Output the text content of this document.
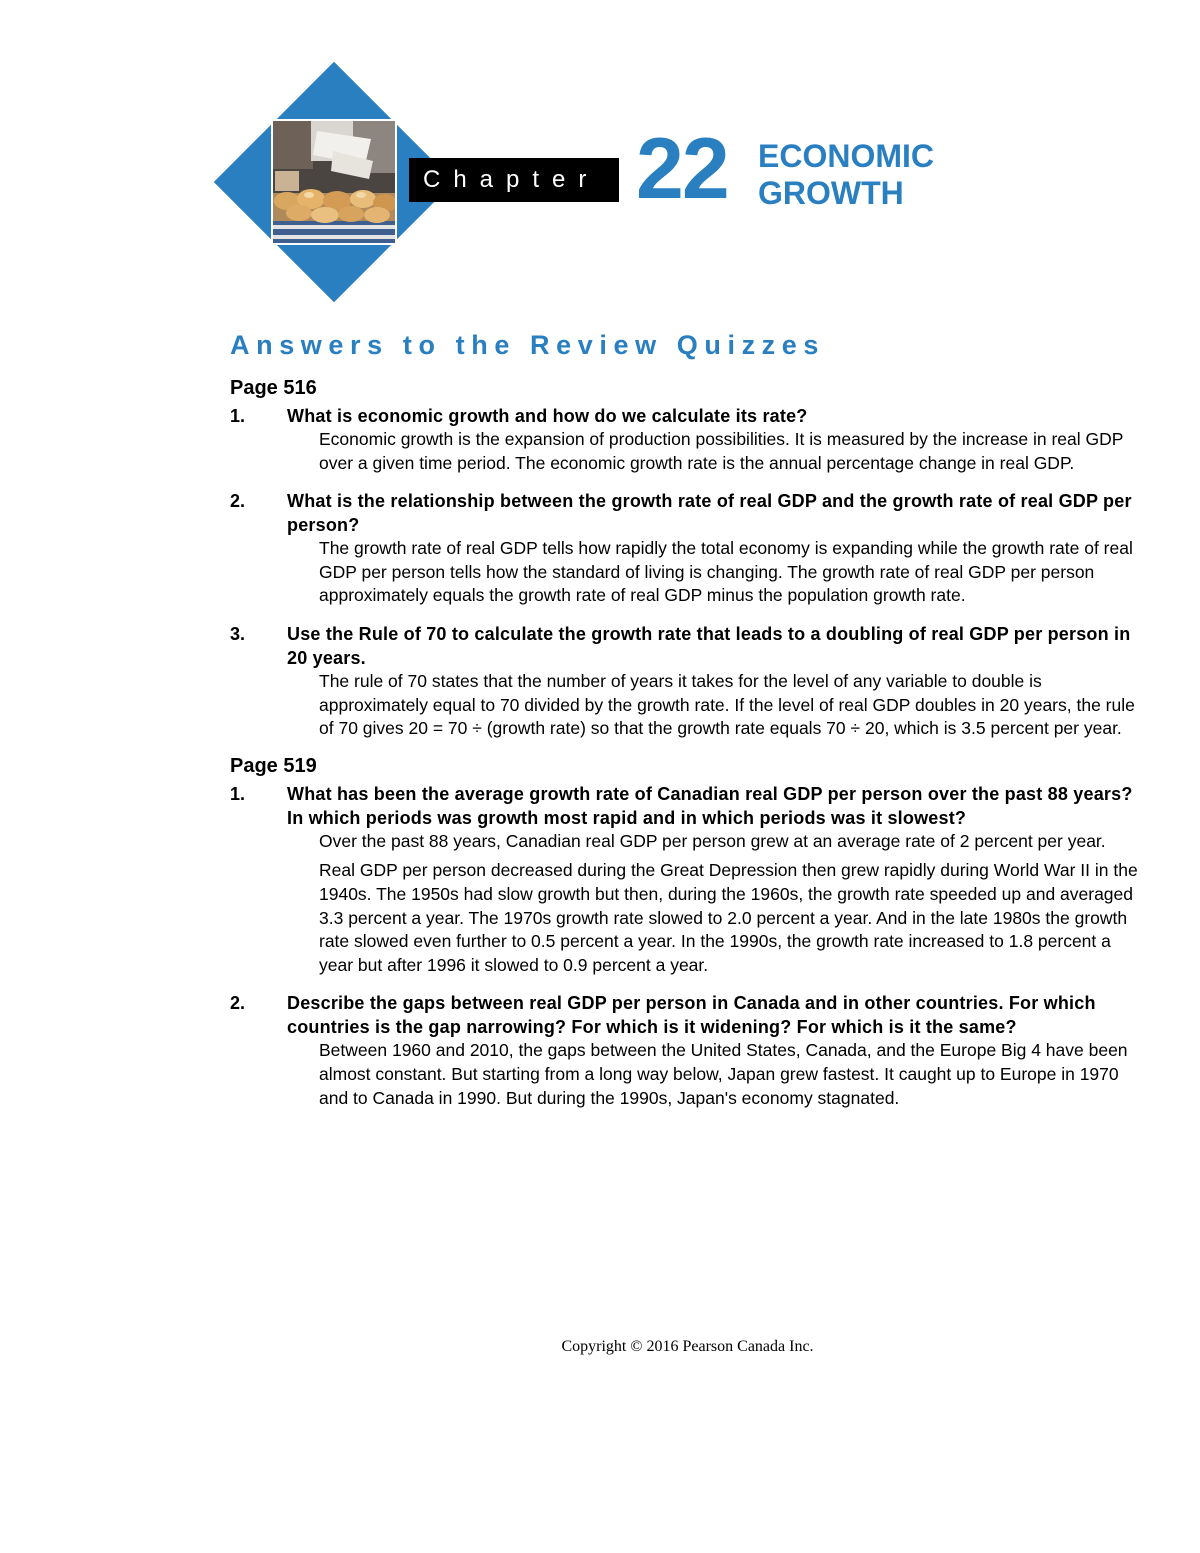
Chapter 22 ECONOMIC
GROWTH
Answers to the Review Quizzes
Page 516
1. What is economic growth and how do we calculate its rate?

Economic growth is the expansion of production possibilities. It is measured by the increase in real GDP over a given time period. The economic growth rate is the annual percentage change in real GDP.

2. What is the relationship between the growth rate of real GDP and the growth rate of real GDP per person?

The growth rate of real GDP tells how rapidly the total economy is expanding while the growth rate of real GDP per person tells how the standard of living is changing. The growth rate of real GDP per person approximately equals the growth rate of real GDP minus the population growth rate.

3. Use the Rule of 70 to calculate the growth rate that leads to a doubling of real GDP per person in 20 years.

The rule of 70 states that the number of years it takes for the level of any variable to double is approximately equal to 70 divided by the growth rate. If the level of real GDP doubles in 20 years, the rule of 70 gives 20 = 70 ÷ (growth rate) so that the growth rate equals 70 ÷ 20, which is 3.5 percent per year.

Page 519
1. What has been the average growth rate of Canadian real GDP per person over the past 88 years? In which periods was growth most rapid and in which periods was it slowest?

Over the past 88 years, Canadian real GDP per person grew at an average rate of 2 percent per year.

Real GDP per person decreased during the Great Depression then grew rapidly during World War II in the 1940s. The 1950s had slow growth but then, during the 1960s, the growth rate speeded up and averaged 3.3 percent a year. The 1970s growth rate slowed to 2.0 percent a year. And in the late 1980s the growth rate slowed even further to 0.5 percent a year. In the 1990s, the growth rate increased to 1.8 percent a year but after 1996 it slowed to 0.9 percent a year.

2. Describe the gaps between real GDP per person in Canada and in other countries. For which countries is the gap narrowing? For which is it widening? For which is it the same?

Between 1960 and 2010, the gaps between the United States, Canada, and the Europe Big 4 have been almost constant. But starting from a long way below, Japan grew fastest. It caught up to Europe in 1970 and to Canada in 1990. But during the 1990s, Japan's economy stagnated.

Copyright © 2016 Pearson Canada Inc.
